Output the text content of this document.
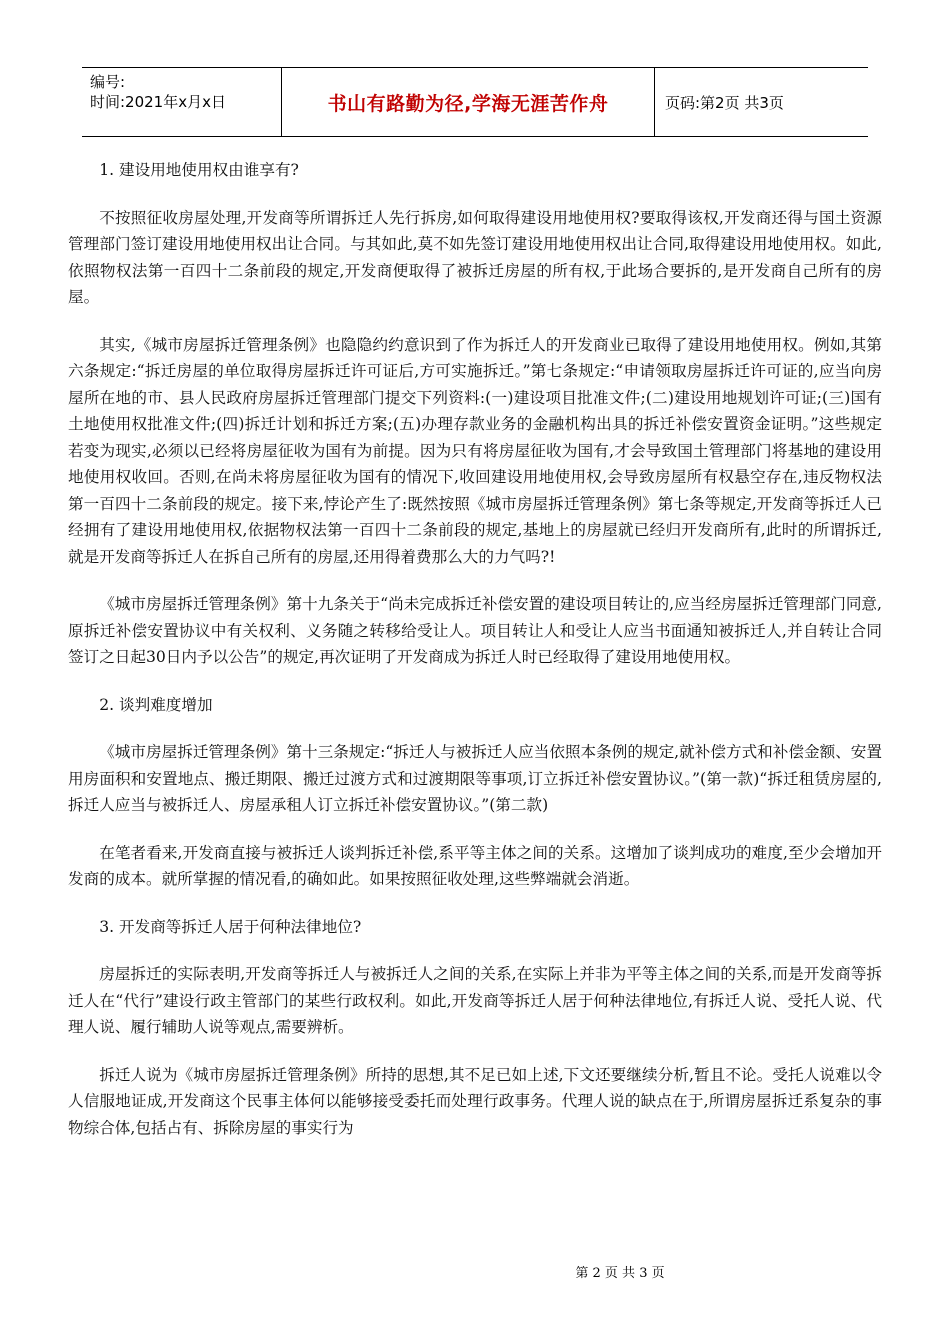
编号:
时间:2021年x月x日	书山有路勤为径,学海无涯苦作舟	页码:第2页 共3页

1. 建设用地使用权由谁享有?

不按照征收房屋处理,开发商等所谓拆迁人先行拆房,如何取得建设用地使用权?要取得该权,开发商还得与国土资源管理部门签订建设用地使用权出让合同。与其如此,莫不如先签订建设用地使用权出让合同,取得建设用地使用权。如此,依照物权法第一百四十二条前段的规定,开发商便取得了被拆迁房屋的所有权,于此场合要拆的,是开发商自己所有的房屋。

其实,《城市房屋拆迁管理条例》也隐隐约约意识到了作为拆迁人的开发商业已取得了建设用地使用权。例如,其第六条规定:“拆迁房屋的单位取得房屋拆迁许可证后,方可实施拆迁。”第七条规定:“申请领取房屋拆迁许可证的,应当向房屋所在地的市、县人民政府房屋拆迁管理部门提交下列资料:(一)建设项目批准文件;(二)建设用地规划许可证;(三)国有土地使用权批准文件;(四)拆迁计划和拆迁方案;(五)办理存款业务的金融机构出具的拆迁补偿安置资金证明。”这些规定若变为现实,必须以已经将房屋征收为国有为前提。因为只有将房屋征收为国有,才会导致国土管理部门将基地的建设用地使用权收回。否则,在尚未将房屋征收为国有的情况下,收回建设用地使用权,会导致房屋所有权悬空存在,违反物权法第一百四十二条前段的规定。接下来,悖论产生了:既然按照《城市房屋拆迁管理条例》第七条等规定,开发商等拆迁人已经拥有了建设用地使用权,依据物权法第一百四十二条前段的规定,基地上的房屋就已经归开发商所有,此时的所谓拆迁,就是开发商等拆迁人在拆自己所有的房屋,还用得着费那么大的力气吗?!

《城市房屋拆迁管理条例》第十九条关于“尚未完成拆迁补偿安置的建设项目转让的,应当经房屋拆迁管理部门同意,原拆迁补偿安置协议中有关权利、义务随之转移给受让人。项目转让人和受让人应当书面通知被拆迁人,并自转让合同签订之日起30日内予以公告”的规定,再次证明了开发商成为拆迁人时已经取得了建设用地使用权。

2. 谈判难度增加

《城市房屋拆迁管理条例》第十三条规定:“拆迁人与被拆迁人应当依照本条例的规定,就补偿方式和补偿金额、安置用房面积和安置地点、搬迁期限、搬迁过渡方式和过渡期限等事项,订立拆迁补偿安置协议。”(第一款)“拆迁租赁房屋的,拆迁人应当与被拆迁人、房屋承租人订立拆迁补偿安置协议。”(第二款)

在笔者看来,开发商直接与被拆迁人谈判拆迁补偿,系平等主体之间的关系。这增加了谈判成功的难度,至少会增加开发商的成本。就所掌握的情况看,的确如此。如果按照征收处理,这些弊端就会消逝。

3. 开发商等拆迁人居于何种法律地位?

房屋拆迁的实际表明,开发商等拆迁人与被拆迁人之间的关系,在实际上并非为平等主体之间的关系,而是开发商等拆迁人在“代行”建设行政主管部门的某些行政权利。如此,开发商等拆迁人居于何种法律地位,有拆迁人说、受托人说、代理人说、履行辅助人说等观点,需要辨析。

拆迁人说为《城市房屋拆迁管理条例》所持的思想,其不足已如上述,下文还要继续分析,暂且不论。受托人说难以令人信服地证成,开发商这个民事主体何以能够接受委托而处理行政事务。代理人说的缺点在于,所谓房屋拆迁系复杂的事物综合体,包括占有、拆除房屋的事实行为

第 2 页 共 3 页
